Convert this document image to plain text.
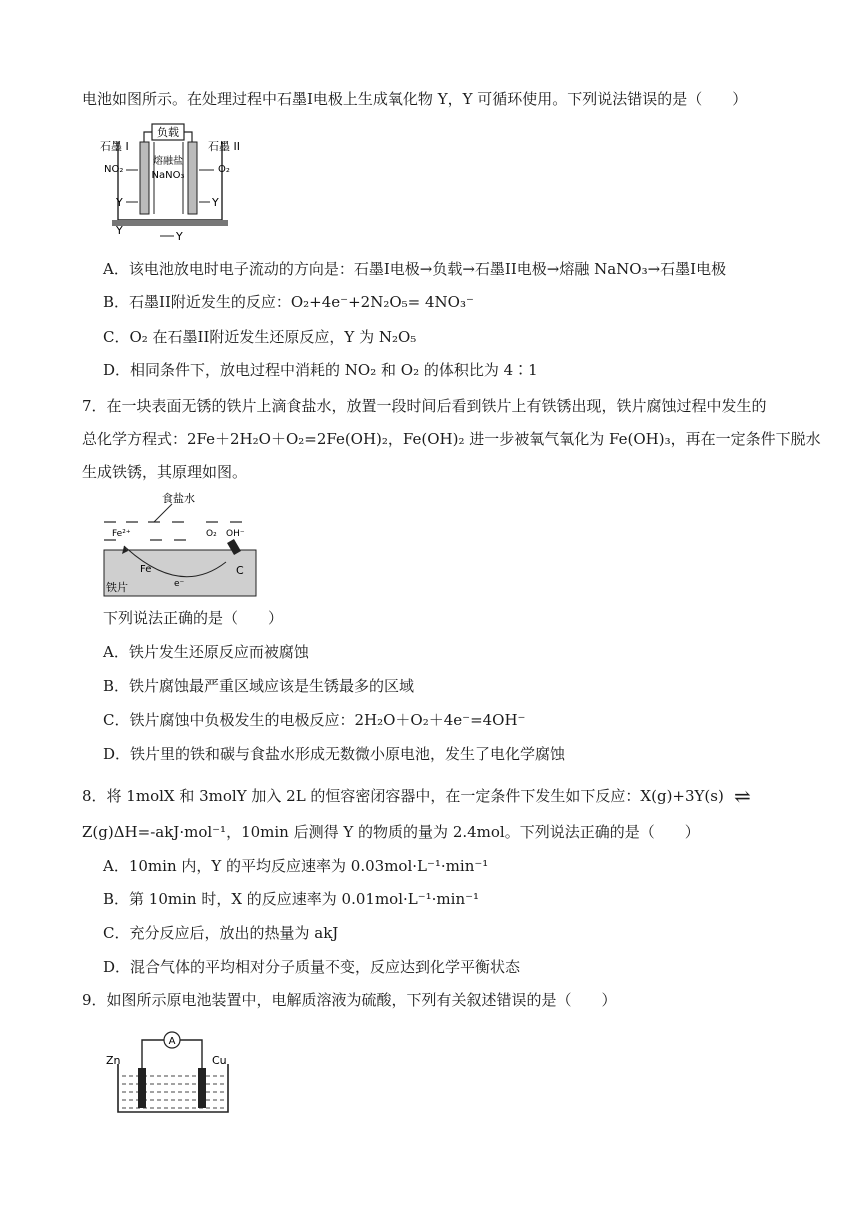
电池如图所示。在处理过程中石墨I电极上生成氧化物 Y，Y 可循环使用。下列说法错误的是（　　）
负载
熔融盐
NaNO₃
石墨 I	石墨 II
NO₂	O₂
Y	Y
Y	Y
A．该电池放电时电子流动的方向是：石墨I电极→负载→石墨II电极→熔融 NaNO₃→石墨I电极
B．石墨II附近发生的反应：O₂+4e⁻+2N₂O₅= 4NO₃⁻
C．O₂ 在石墨II附近发生还原反应，Y 为 N₂O₅
D．相同条件下，放电过程中消耗的 NO₂ 和 O₂ 的体积比为 4∶1
7．在一块表面无锈的铁片上滴食盐水，放置一段时间后看到铁片上有铁锈出现，铁片腐蚀过程中发生的
总化学方程式：2Fe＋2H₂O＋O₂=2Fe(OH)₂，Fe(OH)₂ 进一步被氧气氧化为 Fe(OH)₃，再在一定条件下脱水
生成铁锈，其原理如图。
食盐水
Fe²⁺	O₂ OH⁻
Fe
e⁻
C
铁片
下列说法正确的是（　　）
A．铁片发生还原反应而被腐蚀
B．铁片腐蚀最严重区域应该是生锈最多的区域
C．铁片腐蚀中负极发生的电极反应：2H₂O＋O₂＋4e⁻=4OH⁻
D．铁片里的铁和碳与食盐水形成无数微小原电池，发生了电化学腐蚀
8．将 1molX 和 3molY 加入 2L 的恒容密闭容器中，在一定条件下发生如下反应：X(g)+3Y(s) ⇌
Z(g)ΔH=-akJ·mol⁻¹，10min 后测得 Y 的物质的量为 2.4mol。下列说法正确的是（　　）
A．10min 内，Y 的平均反应速率为 0.03mol·L⁻¹·min⁻¹
B．第 10min 时，X 的反应速率为 0.01mol·L⁻¹·min⁻¹
C．充分反应后，放出的热量为 akJ
D．混合气体的平均相对分子质量不变，反应达到化学平衡状态
9．如图所示原电池装置中，电解质溶液为硫酸，下列有关叙述错误的是（　　）
Zn	Cu
A
